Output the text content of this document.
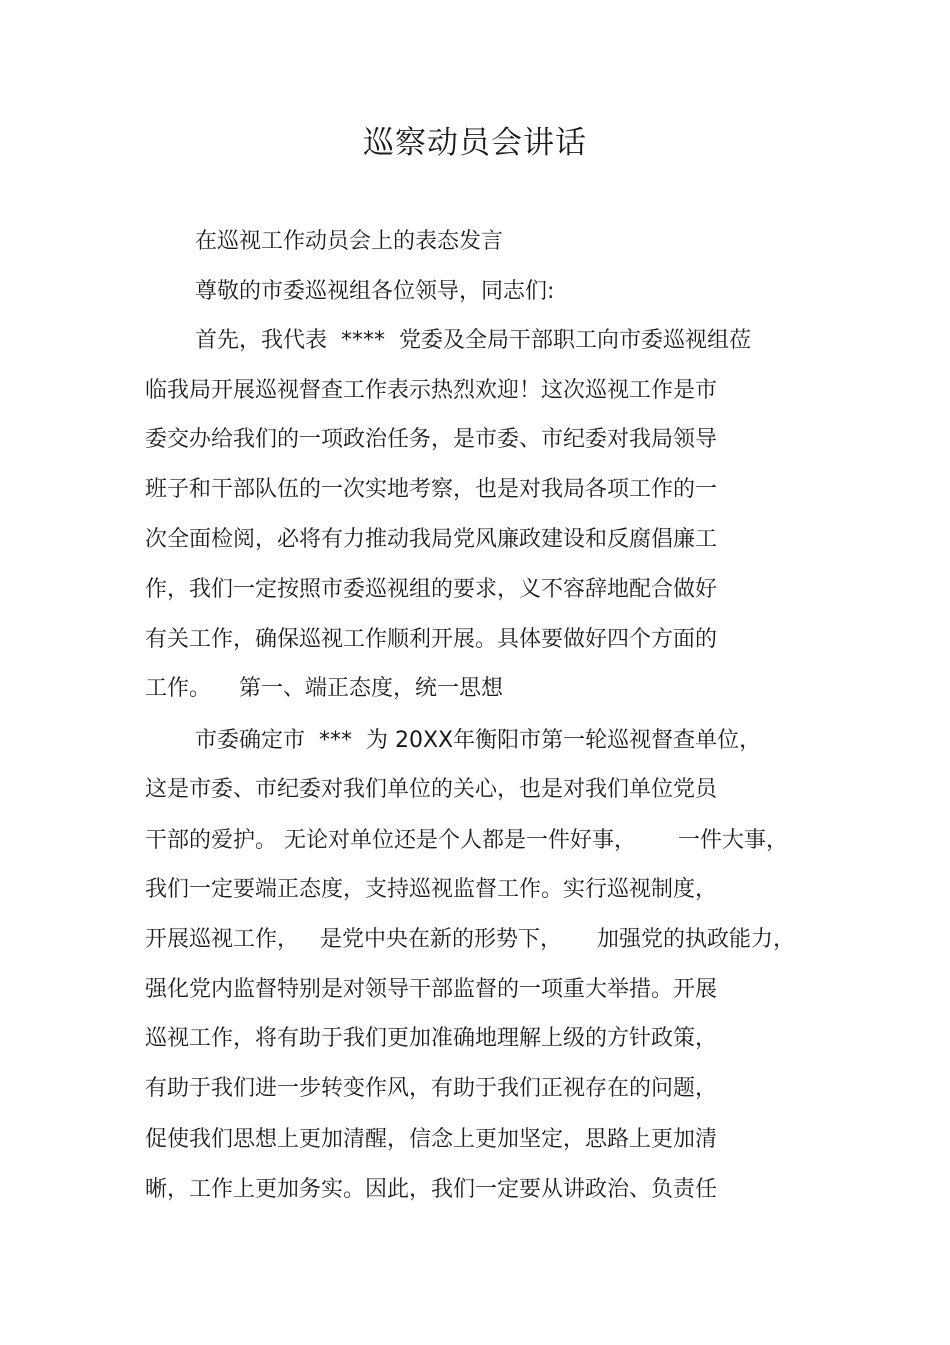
巡察动员会讲话
在巡视工作动员会上的表态发言
尊敬的市委巡视组各位领导，同志们:
首先，我代表  ****  党委及全局干部职工向市委巡视组莅
临我局开展巡视督查工作表示热烈欢迎！这次巡视工作是市
委交办给我们的一项政治任务，是市委、市纪委对我局领导
班子和干部队伍的一次实地考察，也是对我局各项工作的一
次全面检阅，必将有力推动我局党风廉政建设和反腐倡廉工
作，我们一定按照市委巡视组的要求，义不容辞地配合做好
有关工作，确保巡视工作顺利开展。具体要做好四个方面的
工作。    第一、端正态度，统一思想
市委确定市  ***  为 20XX年衡阳市第一轮巡视督查单位，
这是市委、市纪委对我们单位的关心，也是对我们单位党员
干部的爱护。 无论对单位还是个人都是一件好事，      一件大事，
我们一定要端正态度，支持巡视监督工作。实行巡视制度，
开展巡视工作，   是党中央在新的形势下，     加强党的执政能力，
强化党内监督特别是对领导干部监督的一项重大举措。开展
巡视工作，将有助于我们更加准确地理解上级的方针政策，
有助于我们进一步转变作风，有助于我们正视存在的问题，
促使我们思想上更加清醒，信念上更加坚定，思路上更加清
晰，工作上更加务实。因此，我们一定要从讲政治、负责任
